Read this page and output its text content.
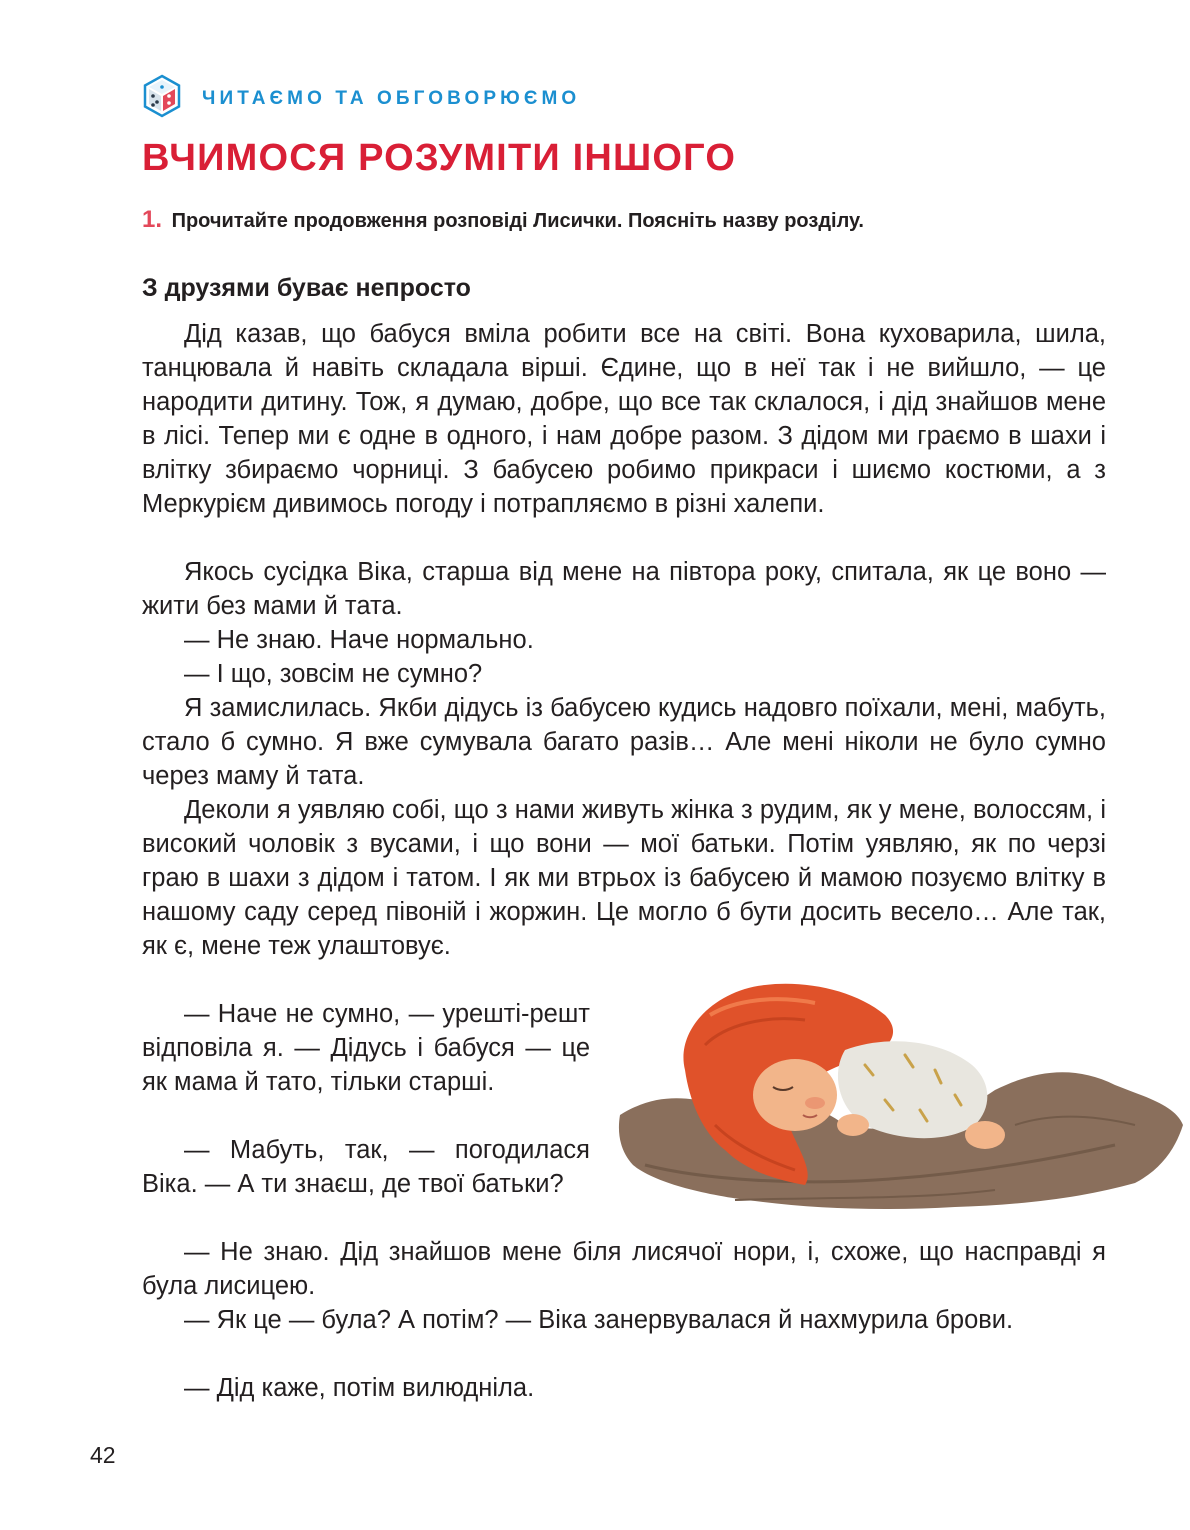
ЧИТАЄМО ТА ОБГОВОРЮЄМО
ВЧИМОСЯ РОЗУМІТИ ІНШОГО
1. Прочитайте продовження розповіді Лисички. Поясніть назву розділу.
З друзями буває непросто

Дід казав, що бабуся вміла робити все на світі. Вона куховарила, шила, танцювала й навіть складала вірші. Єдине, що в неї так і не вийшло, — це народити дитину. Тож, я думаю, добре, що все так склалося, і дід знайшов мене в лісі. Тепер ми є одне в одного, і нам добре разом. З дідом ми граємо в шахи і влітку збираємо чорниці. З бабусею робимо прикраси і шиємо костюми, а з Меркурієм дивимось погоду і потрапляємо в різні халепи.

Якось сусідка Віка, старша від мене на півтора року, спитала, як це воно — жити без мами й тата.

— Не знаю. Наче нормально.

— І що, зовсім не сумно?

Я замислилась. Якби дідусь із бабусею кудись надовго поїхали, мені, мабуть, стало б сумно. Я вже сумувала багато разів… Але мені ніколи не було сумно через маму й тата.

Деколи я уявляю собі, що з нами живуть жінка з рудим, як у мене, волоссям, і високий чоловік з вусами, і що вони — мої батьки. Потім уявляю, як по черзі граю в шахи з дідом і татом. І як ми втрьох із бабусею й мамою позуємо влітку в нашому саду серед півоній і жоржин. Це могло б бути досить весело… Але так, як є, мене теж улаштовує.

— Наче не сумно, — урешті-решт відповіла я. — Дідусь і бабуся — це як мама й тато, тільки старші.

— Мабуть, так, — погодилася Віка. — А ти знаєш, де твої батьки?

— Не знаю. Дід знайшов мене біля лисячої нори, і, схоже, що насправді я була лисицею.

— Як це — була? А потім? — Віка занервувалася й нахмурила брови.

— Дід каже, потім вилюдніла.

42
